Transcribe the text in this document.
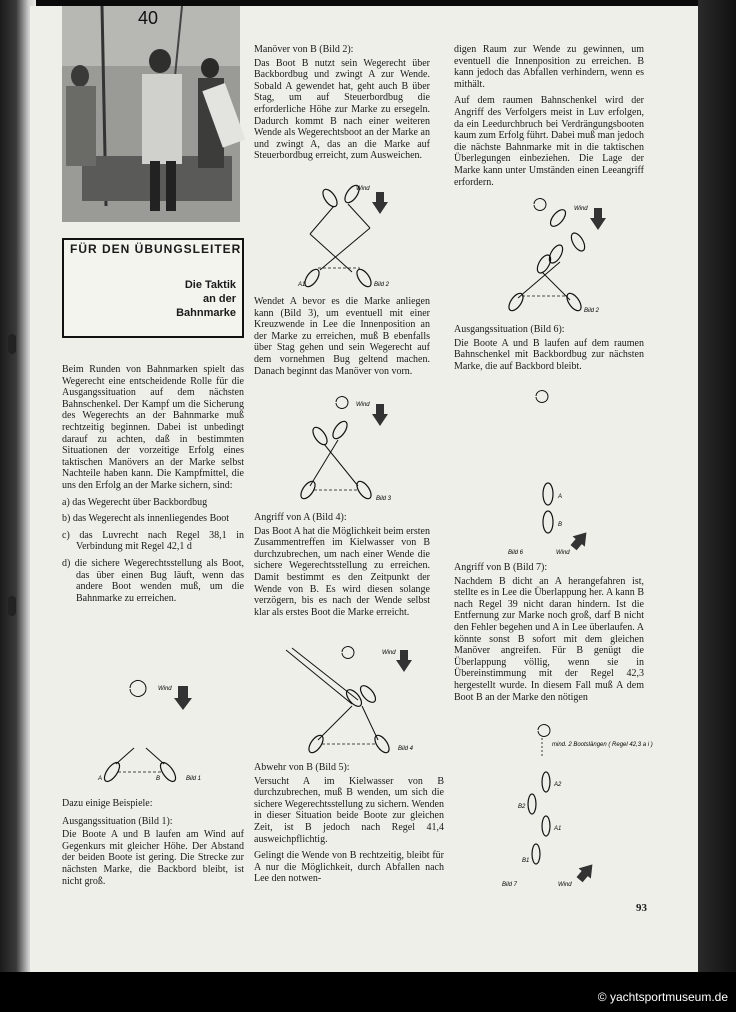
40
FÜR DEN ÜBUNGSLEITER
Die Taktik
an der
Bahnmarke

Beim Runden von Bahnmarken spielt das Wegerecht eine entscheidende Rolle für die Ausgangssituation auf dem nächsten Bahnschenkel. Der Kampf um die Sicherung des Wegerechts an der Bahnmarke muß rechtzeitig beginnen. Dabei ist unbedingt darauf zu achten, daß in bestimmten Situationen der vorzeitige Erfolg eines taktischen Manövers an der Marke selbst Nachteile haben kann. Die Kampfmittel, die uns den Erfolg an der Marke sichern, sind:

a) das Wegerecht über Backbordbug
b) das Wegerecht als innenliegendes Boot
c) das Luvrecht nach Regel 38,1 in Verbindung mit Regel 42,1 d
d) die sichere Wegerechtsstellung als Boot, das über einen Bug läuft, wenn das andere Boot wenden muß, um die Bahnmarke zu erreichen.
Wind
A	B	Bild 1

Dazu einige Beispiele:

Ausgangssituation (Bild 1):

Die Boote A und B laufen am Wind auf Gegenkurs mit gleicher Höhe. Der Abstand der beiden Boote ist gering. Die Strecke zur nächsten Marke, die Backbord bleibt, ist nicht groß.

Manöver von B (Bild 2):

Das Boot B nutzt sein Wegerecht über Backbordbug und zwingt A zur Wende. Sobald A gewendet hat, geht auch B über Stag, um auf Steuerbordbug die erforderliche Höhe zur Marke zu ersegeln. Dadurch kommt B nach einer weiteren Wende als Wegerechtsboot an der Marke an und zwingt A, das an die Marke auf Steuerbordbug erreicht, zum Ausweichen.

Wind
A1	Bild 2

Wendet A bevor es die Marke anliegen kann (Bild 3), um eventuell mit einer Kreuzwende in Lee die Innenposition an der Marke zu erreichen, muß B ebenfalls über Stag gehen und sein Wegerecht auf dem vornehmen Bug geltend machen. Danach beginnt das Manöver von vorn.

Wind
Bild 3

Angriff von A (Bild 4):

Das Boot A hat die Möglichkeit beim ersten Zusammentreffen im Kielwasser von B durchzubrechen, um nach einer Wende die sichere Wegerechtsstellung zu erreichen. Damit bestimmt es den Zeitpunkt der Wende von B. Es wird diesen solange verzögern, bis es nach der Wende selbst klar als erstes Boot die Marke erreicht.

Wind
Bild 4

Abwehr von B (Bild 5):

Versucht A im Kielwasser von B durchzubrechen, muß B wenden, um sich die sichere Wegerechtsstellung zu sichern. Wenden in dieser Situation beide Boote zur gleichen Zeit, ist B jedoch nach Regel 41,4 ausweichpflichtig.

Gelingt die Wende von B rechtzeitig, bleibt für A nur die Möglichkeit, durch Abfallen nach Lee den notwen-

digen Raum zur Wende zu gewinnen, um eventuell die Innenposition zu erreichen. B kann jedoch das Abfallen verhindern, wenn es mithält.

Auf dem raumen Bahnschenkel wird der Angriff des Verfolgers meist in Luv erfolgen, da ein Leedurchbruch bei Verdrängungsbooten kaum zum Erfolg führt. Dabei muß man jedoch die nächste Bahnmarke mit in die taktischen Überlegungen einbeziehen. Die Lage der Marke kann unter Umständen einen Leeangriff erfordern.

Wind
Bild 2

Ausgangssituation (Bild 6):

Die Boote A und B laufen auf dem raumen Bahnschenkel mit Backbordbug zur nächsten Marke, die auf Backbord bleibt.

A
B
Bild 6	Wind

Angriff von B (Bild 7):

Nachdem B dicht an A herangefahren ist, stellte es in Lee die Überlappung her. A kann B nach Regel 39 nicht daran hindern. Ist die Entfernung zur Marke noch groß, darf B nicht den Fehler begehen und A in Lee überlaufen. A könnte sonst B sofort mit dem gleichen Manöver angreifen. Für B genügt die Überlappung völlig, wenn sie in Übereinstimmung mit der Regel 42,3 hergestellt wurde. In diesem Fall muß A dem Boot B an der Marke den nötigen

mind. 2 Bootslängen ( Regel 42,3 a i )
A2
B2
A1
B1
Bild 7	Wind
93
© yachtsportmuseum.de
